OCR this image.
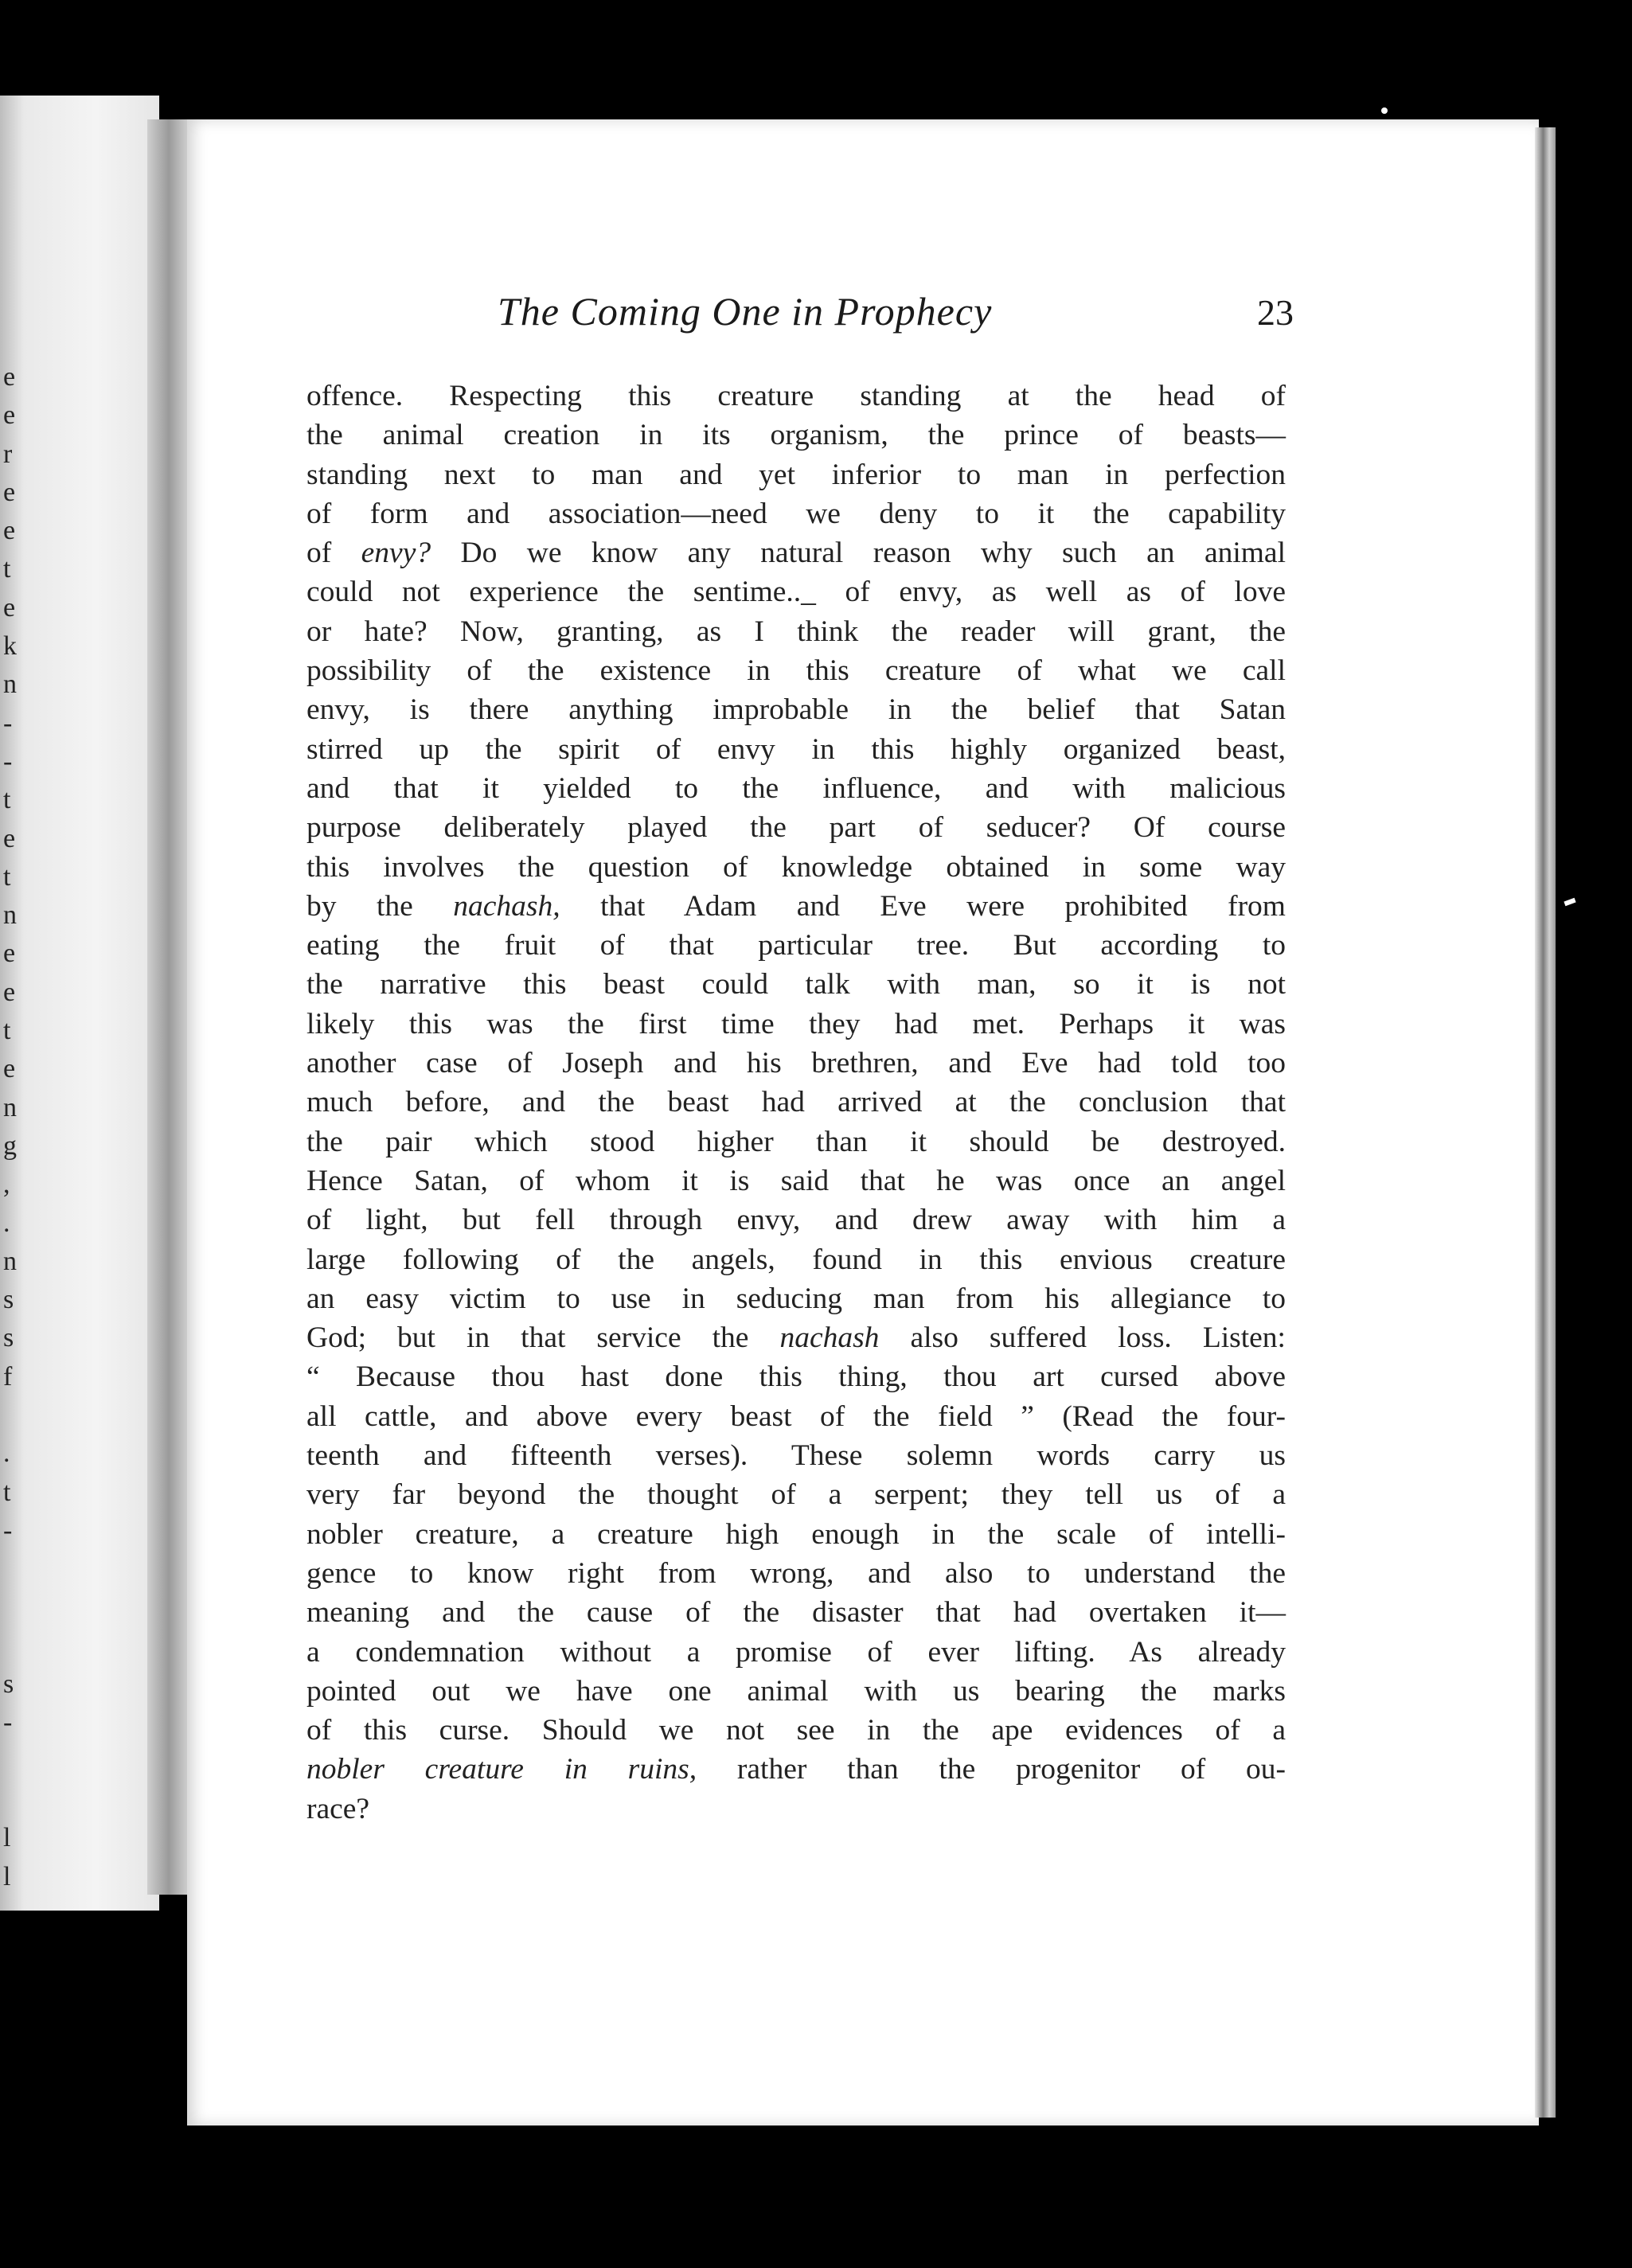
e
e
r
e
e
t
e
k
n
-
-
t
e
t
n
e
e
t
e
n
g
,
.
n
s
s
f
.
t
-
s
-
l
l
The Coming One in Prophecy	23
offence. Respecting this creature standing at the head of
the animal creation in its organism, the prince of beasts—
standing next to man and yet inferior to man in perfection
of form and association—need we deny to it the capability
of envy? Do we know any natural reason why such an animal
could not experience the sentime.._ of envy, as well as of love
or hate? Now, granting, as I think the reader will grant, the
possibility of the existence in this creature of what we call
envy, is there anything improbable in the belief that Satan
stirred up the spirit of envy in this highly organized beast,
and that it yielded to the influence, and with malicious
purpose deliberately played the part of seducer? Of course
this involves the question of knowledge obtained in some way
by the nachash, that Adam and Eve were prohibited from
eating the fruit of that particular tree. But according to
the narrative this beast could talk with man, so it is not
likely this was the first time they had met. Perhaps it was
another case of Joseph and his brethren, and Eve had told too
much before, and the beast had arrived at the conclusion that
the pair which stood higher than it should be destroyed.
Hence Satan, of whom it is said that he was once an angel
of light, but fell through envy, and drew away with him a
large following of the angels, found in this envious creature
an easy victim to use in seducing man from his allegiance to
God; but in that service the nachash also suffered loss. Listen:
“ Because thou hast done this thing, thou art cursed above
all cattle, and above every beast of the field ” (Read the four-
teenth and fifteenth verses). These solemn words carry us
very far beyond the thought of a serpent; they tell us of a
nobler creature, a creature high enough in the scale of intelli-
gence to know right from wrong, and also to understand the
meaning and the cause of the disaster that had overtaken it—
a condemnation without a promise of ever lifting. As already
pointed out we have one animal with us bearing the marks
of this curse. Should we not see in the ape evidences of a
nobler creature in ruins, rather than the progenitor of ou-
race?
